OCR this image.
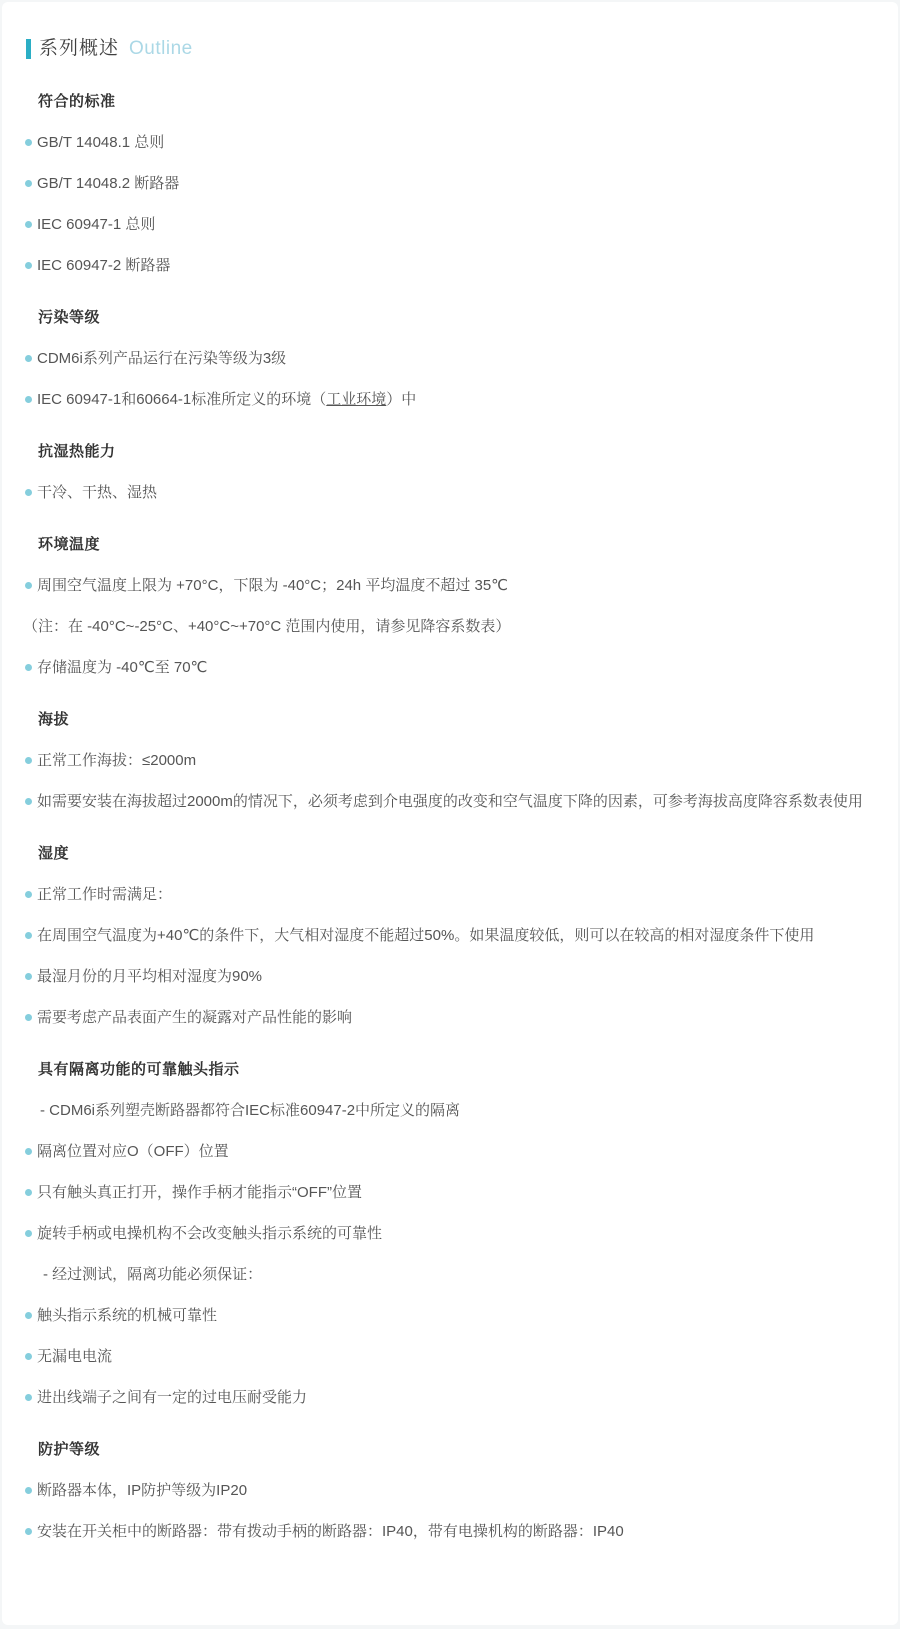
系列概述 Outline
符合的标准
GB/T 14048.1 总则
GB/T 14048.2 断路器
IEC 60947-1 总则
IEC 60947-2 断路器
污染等级
CDM6i系列产品运行在污染等级为3级
IEC 60947-1和60664-1标准所定义的环境（工业环境）中
抗湿热能力
干冷、干热、湿热
环境温度
周围空气温度上限为 +70°C，下限为 -40°C；24h 平均温度不超过 35℃
（注：在 -40°C~-25°C、+40°C~+70°C 范围内使用，请参见降容系数表）
存储温度为 -40℃至 70℃
海拔
正常工作海拔：≤2000m
如需要安装在海拔超过2000m的情况下，必须考虑到介电强度的改变和空气温度下降的因素，可参考海拔高度降容系数表使用
湿度
正常工作时需满足：
在周围空气温度为+40℃的条件下，大气相对湿度不能超过50%。如果温度较低，则可以在较高的相对湿度条件下使用
最湿月份的月平均相对湿度为90%
需要考虑产品表面产生的凝露对产品性能的影响
具有隔离功能的可靠触头指示
- CDM6i系列塑壳断路器都符合IEC标准60947-2中所定义的隔离
隔离位置对应O（OFF）位置
只有触头真正打开，操作手柄才能指示“OFF”位置
旋转手柄或电操机构不会改变触头指示系统的可靠性
- 经过测试，隔离功能必须保证：
触头指示系统的机械可靠性
无漏电电流
进出线端子之间有一定的过电压耐受能力
防护等级
断路器本体，IP防护等级为IP20
安装在开关柜中的断路器：带有拨动手柄的断路器：IP40，带有电操机构的断路器：IP40
